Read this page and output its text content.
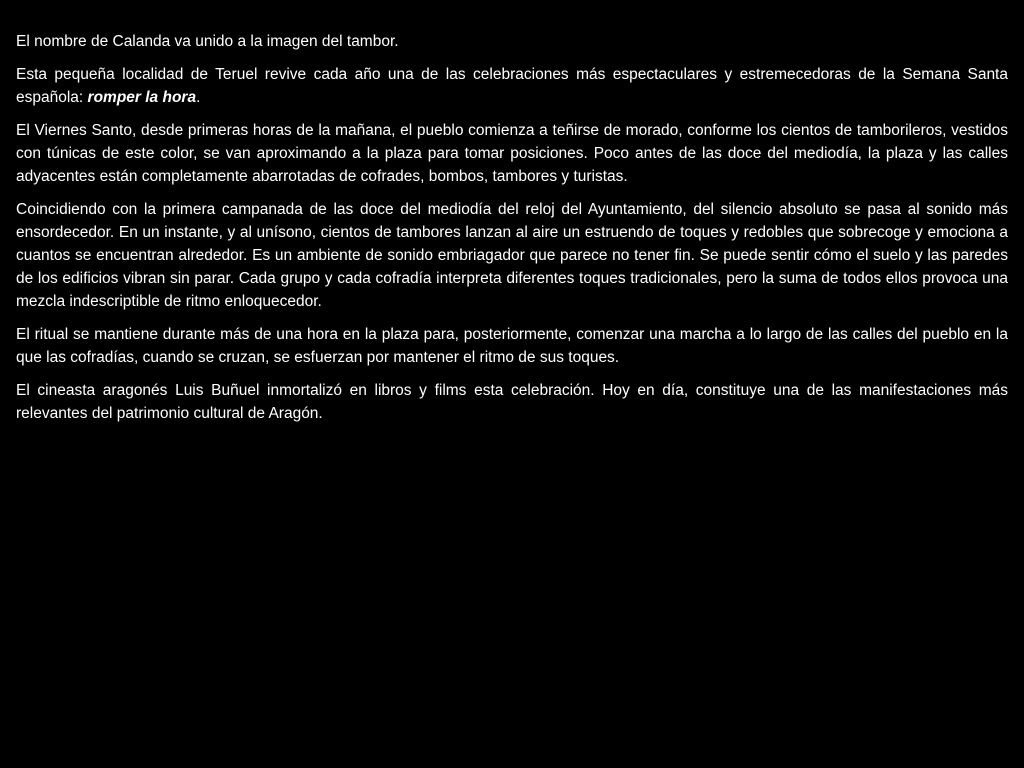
El nombre de Calanda va unido a la imagen del tambor.

Esta pequeña localidad de Teruel revive cada año una de las celebraciones más espectaculares y estremecedoras de la Semana Santa española: romper la hora.

El Viernes Santo, desde primeras horas de la mañana, el pueblo comienza a teñirse de morado, conforme los cientos de tamborileros, vestidos con túnicas de este color, se van aproximando a la plaza para tomar posiciones. Poco antes de las doce del mediodía, la plaza y las calles adyacentes están completamente abarrotadas de cofrades, bombos, tambores y turistas.

Coincidiendo con la primera campanada de las doce del mediodía del reloj del Ayuntamiento, del silencio absoluto se pasa al sonido más ensordecedor. En un instante, y al unísono, cientos de tambores lanzan al aire un estruendo de toques y redobles que sobrecoge y emociona a cuantos se encuentran alrededor. Es un ambiente de sonido embriagador que parece no tener fin. Se puede sentir cómo el suelo y las paredes de los edificios vibran sin parar. Cada grupo y cada cofradía interpreta diferentes toques tradicionales, pero la suma de todos ellos provoca una mezcla indescriptible de ritmo enloquecedor.

El ritual se mantiene durante más de una hora en la plaza para, posteriormente, comenzar una marcha a lo largo de las calles del pueblo en la que las cofradías, cuando se cruzan, se esfuerzan por mantener el ritmo de sus toques.

El cineasta aragonés Luis Buñuel inmortalizó en libros y films esta celebración. Hoy en día, constituye una de las manifestaciones más relevantes del patrimonio cultural de Aragón.
